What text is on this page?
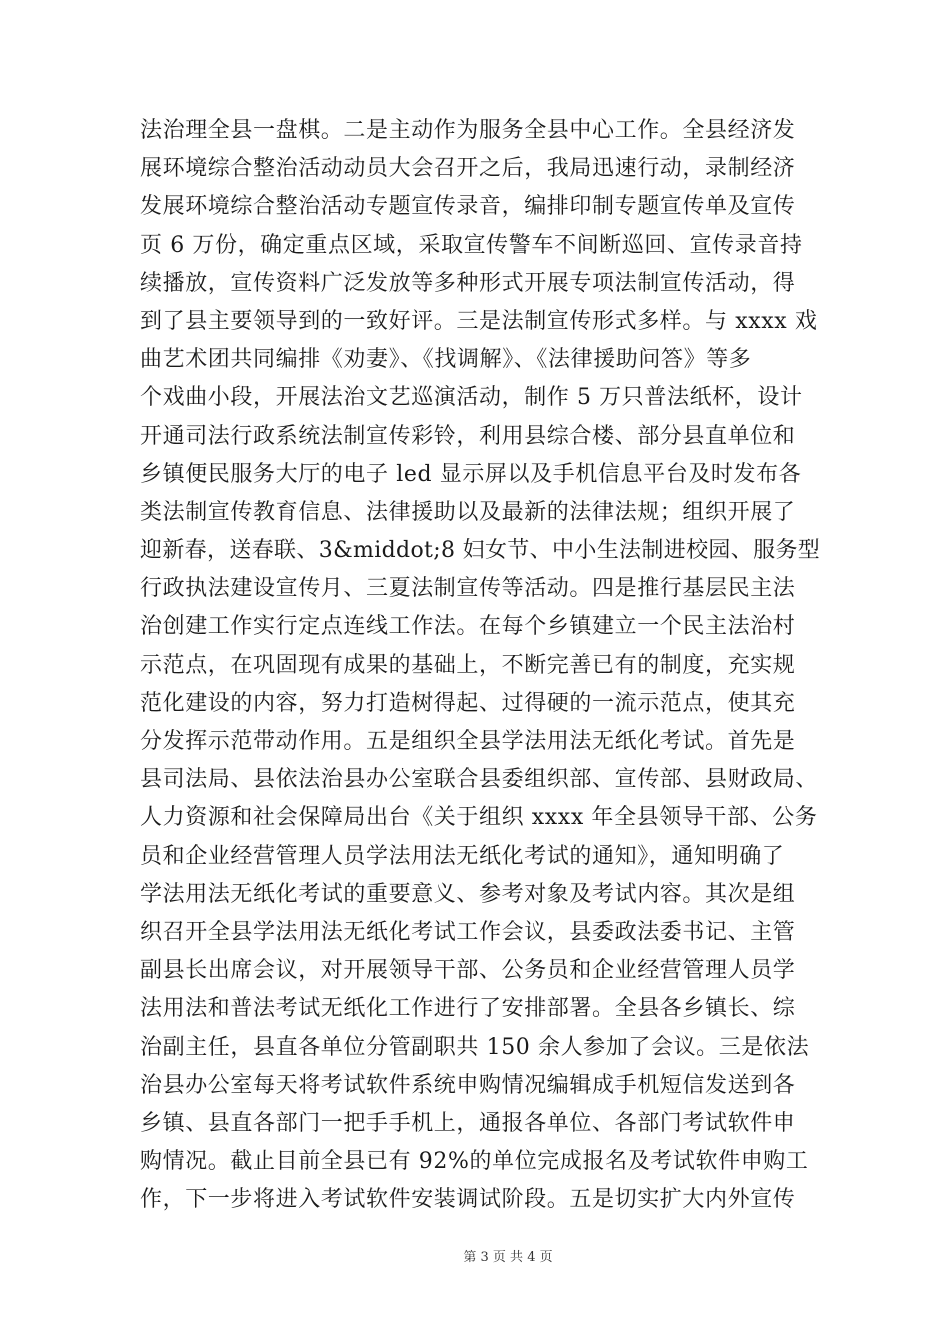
法治理全县一盘棋。二是主动作为服务全县中心工作。全县经济发
展环境综合整治活动动员大会召开之后，我局迅速行动，录制经济
发展环境综合整治活动专题宣传录音，编排印制专题宣传单及宣传
页 6 万份，确定重点区域，采取宣传警车不间断巡回、宣传录音持
续播放，宣传资料广泛发放等多种形式开展专项法制宣传活动，得
到了县主要领导到的一致好评。三是法制宣传形式多样。与 xxxx 戏
曲艺术团共同编排《劝妻》、《找调解》、《法律援助问答》等多
个戏曲小段，开展法治文艺巡演活动，制作 5 万只普法纸杯，设计
开通司法行政系统法制宣传彩铃，利用县综合楼、部分县直单位和
乡镇便民服务大厅的电子 led 显示屏以及手机信息平台及时发布各
类法制宣传教育信息、法律援助以及最新的法律法规；组织开展了
迎新春，送春联、3&middot;8 妇女节、中小生法制进校园、服务型
行政执法建设宣传月、三夏法制宣传等活动。四是推行基层民主法
治创建工作实行定点连线工作法。在每个乡镇建立一个民主法治村
示范点，在巩固现有成果的基础上，不断完善已有的制度，充实规
范化建设的内容，努力打造树得起、过得硬的一流示范点，使其充
分发挥示范带动作用。五是组织全县学法用法无纸化考试。首先是
县司法局、县依法治县办公室联合县委组织部、宣传部、县财政局、
人力资源和社会保障局出台《关于组织 xxxx 年全县领导干部、公务
员和企业经营管理人员学法用法无纸化考试的通知》，通知明确了
学法用法无纸化考试的重要意义、参考对象及考试内容。其次是组
织召开全县学法用法无纸化考试工作会议，县委政法委书记、主管
副县长出席会议，对开展领导干部、公务员和企业经营管理人员学
法用法和普法考试无纸化工作进行了安排部署。全县各乡镇长、综
治副主任，县直各单位分管副职共 150 余人参加了会议。三是依法
治县办公室每天将考试软件系统申购情况编辑成手机短信发送到各
乡镇、县直各部门一把手手机上，通报各单位、各部门考试软件申
购情况。截止目前全县已有 92%的单位完成报名及考试软件申购工
作，下一步将进入考试软件安装调试阶段。五是切实扩大内外宣传
第 3 页 共 4 页
